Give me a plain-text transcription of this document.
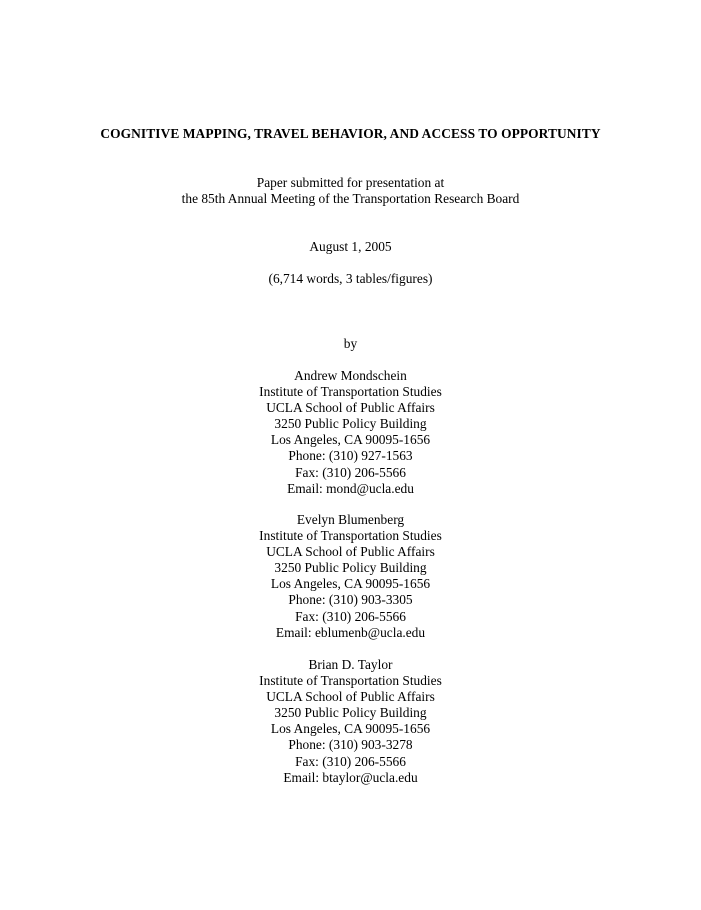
COGNITIVE MAPPING, TRAVEL BEHAVIOR, AND ACCESS TO OPPORTUNITY
Paper submitted for presentation at
the 85th Annual Meeting of the Transportation Research Board
August 1, 2005
(6,714 words, 3 tables/figures)
by
Andrew Mondschein
Institute of Transportation Studies
UCLA School of Public Affairs
3250 Public Policy Building
Los Angeles, CA 90095-1656
Phone: (310) 927-1563
Fax: (310) 206-5566
Email: mond@ucla.edu
Evelyn Blumenberg
Institute of Transportation Studies
UCLA School of Public Affairs
3250 Public Policy Building
Los Angeles, CA 90095-1656
Phone: (310) 903-3305
Fax: (310) 206-5566
Email: eblumenb@ucla.edu
Brian D. Taylor
Institute of Transportation Studies
UCLA School of Public Affairs
3250 Public Policy Building
Los Angeles, CA 90095-1656
Phone: (310) 903-3278
Fax: (310) 206-5566
Email: btaylor@ucla.edu
